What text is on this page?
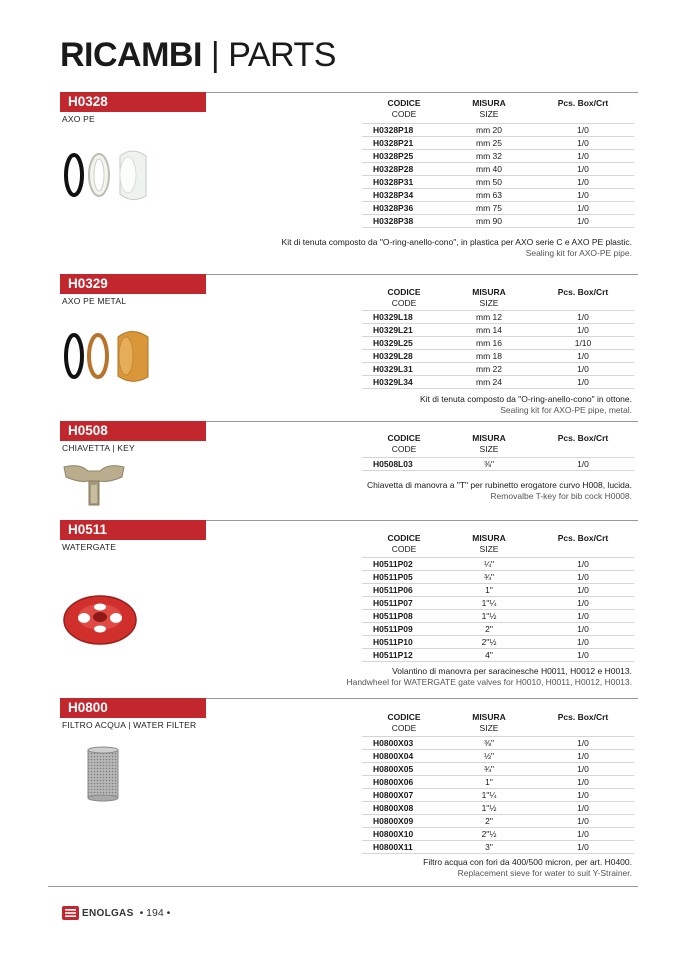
RICAMBI | PARTS
H0328
AXO PE
CODICE
CODE
MISURA
SIZE
Pcs. Box/Crt
H0328P18	mm 20	1/0
H0328P21	mm 25	1/0
H0328P25	mm 32	1/0
H0328P28	mm 40	1/0
H0328P31	mm 50	1/0
H0328P34	mm 63	1/0
H0328P36	mm 75	1/0
H0328P38	mm 90	1/0
Kit di tenuta composto da "O-ring-anello-cono", in plastica per AXO serie C e AXO PE plastic.
Sealing kit for AXO-PE pipe.
H0329
AXO PE METAL
CODICE
CODE
MISURA
SIZE
Pcs. Box/Crt
H0329L18	mm 12	1/0
H0329L21	mm 14	1/0
H0329L25	mm 16	1/10
H0329L28	mm 18	1/0
H0329L31	mm 22	1/0
H0329L34	mm 24	1/0
Kit di tenuta composto da "O-ring-anello-cono" in ottone.
Sealing kit for AXO-PE pipe, metal.
H0508
CHIAVETTA | KEY
CODICE
CODE
MISURA
SIZE
Pcs. Box/Crt
H0508L03	⅜"	1/0
Chiavetta di manovra a "T" per rubinetto erogatore curvo H008, lucida.
Removalbe T-key for bib cock H0008.
H0511
WATERGATE
CODICE
CODE
MISURA
SIZE
Pcs. Box/Crt
H0511P02	¼"	1/0
H0511P05	¾"	1/0
H0511P06	1"	1/0
H0511P07	1"¼	1/0
H0511P08	1"½	1/0
H0511P09	2"	1/0
H0511P10	2"½	1/0
H0511P12	4"	1/0
Volantino di manovra per saracinesche H0011, H0012 e H0013.
Handwheel for WATERGATE gate valves for H0010, H0011, H0012, H0013.
H0800
FILTRO ACQUA | WATER FILTER
CODICE
CODE
MISURA
SIZE
Pcs. Box/Crt
H0800X03	⅜"	1/0
H0800X04	½"	1/0
H0800X05	¾"	1/0
H0800X06	1"	1/0
H0800X07	1"¼	1/0
H0800X08	1"½	1/0
H0800X09	2"	1/0
H0800X10	2"½	1/0
H0800X11	3"	1/0
Filtro acqua con fori da 400/500 micron, per art. H0400.
Replacement sieve for water to suit Y-Strainer.
ENOLGAS • 194 •
